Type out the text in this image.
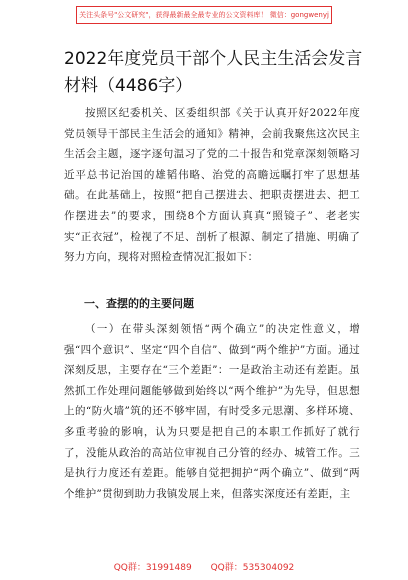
关注头条号"公文研究"，获得最新最全最专业的公文资料库！ 微信：gongwenyj
2022年度党员干部个人民主生活会发言材料（4486字）
按照区纪委机关、区委组织部《关于认真开好2022年度党员领导干部民主生活会的通知》精神，会前我聚焦这次民主生活会主题，逐字逐句温习了党的二十报告和党章深刻领略习近平总书记治国的雄韬伟略、治党的高瞻远瞩打牢了思想基础。在此基础上，按照“把自己摆进去、把职责摆进去、把工作摆进去”的要求，围绕8个方面认真真“照镜子”、老老实实“正衣冠”，检视了不足、剖析了根源、制定了措施、明确了努力方向，现将对照检查情况汇报如下：
一、查摆的的主要问题
（一）在带头深刻领悟“两个确立”的决定性意义，增强“四个意识”、坚定“四个自信”、做到“两个维护”方面。通过深刻反思，主要存在“三个差距”：一是政治主动还有差距。虽然抓工作处理问题能够做到始终以“两个维护”为先导，但思想上的“防火墙”筑的还不够牢固，有时受多元思潮、多样环境、多重考验的影响，认为只要是把自己的本职工作抓好了就行了，没能从政治的高站位审视自己分管的经办、城管工作。三是执行力度还有差距。能够自觉把拥护“两个确立”、做到“两个维护”贯彻到助力我镇发展上来，但落实深度还有差距，主
QQ群：31991489 QQ群：535304092
